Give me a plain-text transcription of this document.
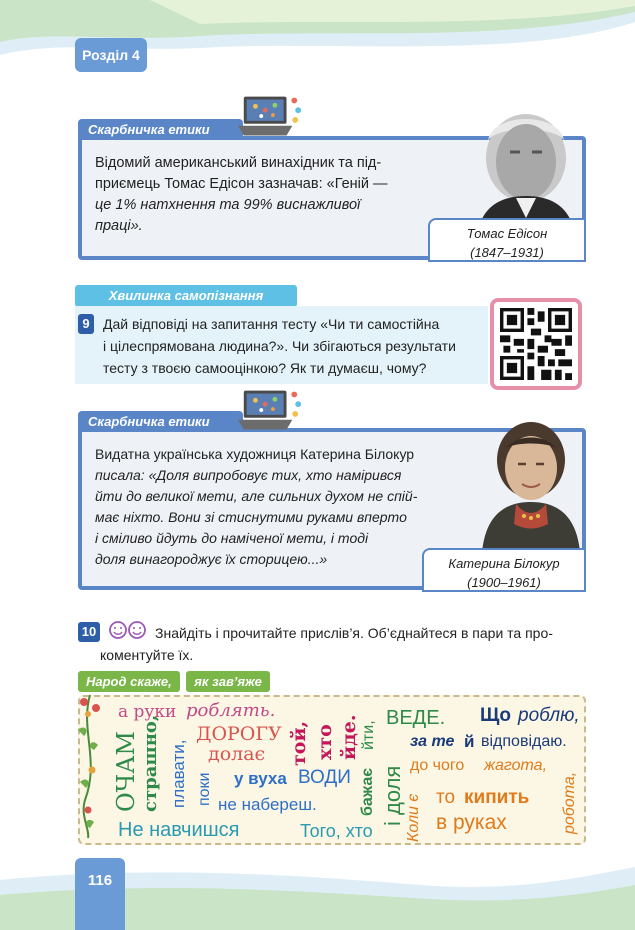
Розділ 4
Скарбничка етики
Відомий американський винахідник та під-
приємець Томас Едісон зазначав: «Геній —
це 1% натхнення та 99% виснажливої
праці».	Томас Едісон
(1847–1931)
Хвилинка самопізнання
9 Дай відповіді на запитання тесту «Чи ти самостійна
і цілеспрямована людина?». Чи збігаються результати
тесту з твоєю самооцінкою? Як ти думаєш, чому?
Скарбничка етики
Видатна українська художниця Катерина Білокур
писала: «Доля випробовує тих, хто намірився
йти до великої мети, але сильних духом не спій-
має ніхто. Вони зі стиснутими руками вперто
і сміливо йдуть до наміченої мети, і тоді
доля винагороджує їх сторицею...»	Катерина Білокур
(1900–1961)
10	Знайдіть і прочитайте прислів’я. Об’єднайтеся в пари та про-
коментуйте їх.
Народ скаже, як зав’яже
а руки роблять.
ОЧАМ страшно, плавати,
ДОРОГУ
долає той, хто йде.
поки у вуха ВОДИ
не набереш.	бажає
йти,
і доля
ВЕДЕ. Що роблю,
за те й відповідаю.
до чого жагота,
Коли є то кипить
в руках	робота,
Не навчишся	Того, хто
116
